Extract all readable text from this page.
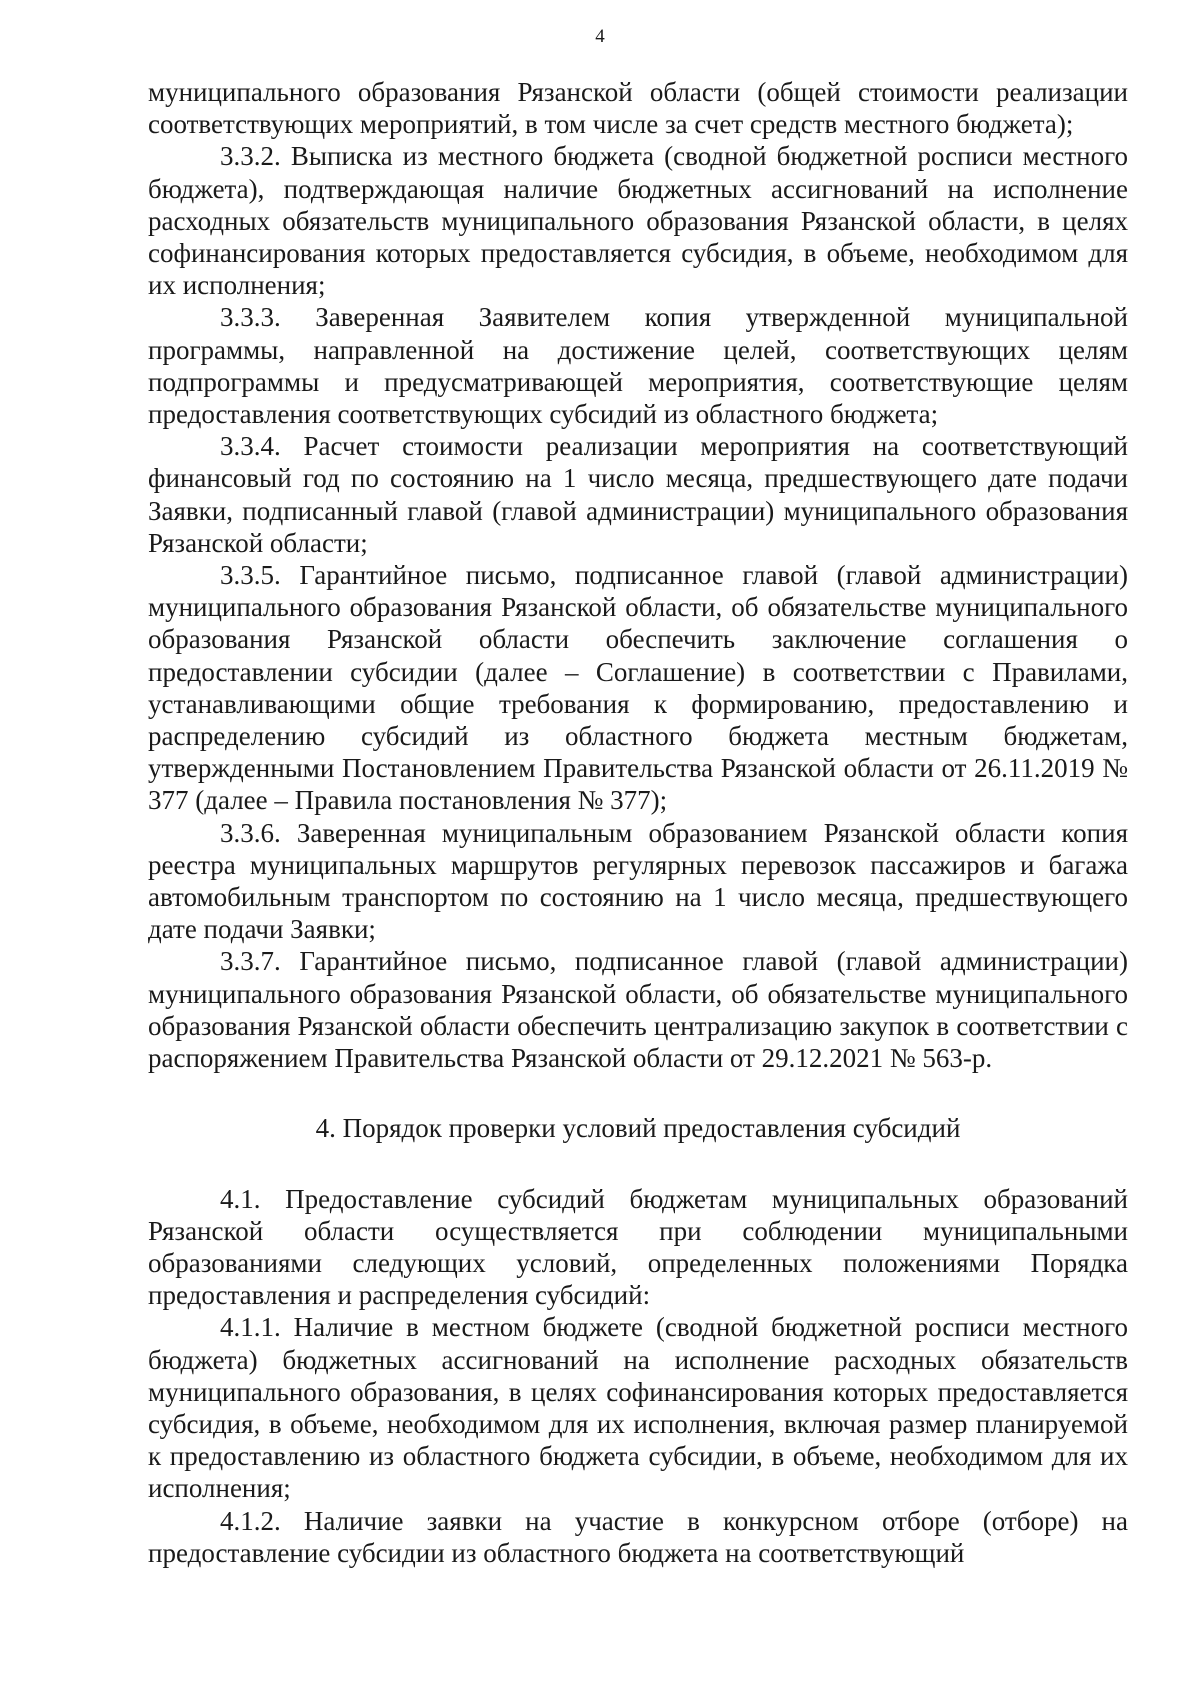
4

муниципального образования Рязанской области (общей стоимости реализации соответствующих мероприятий, в том числе за счет средств местного бюджета);

3.3.2. Выписка из местного бюджета (сводной бюджетной росписи местного бюджета), подтверждающая наличие бюджетных ассигнований на исполнение расходных обязательств муниципального образования Рязанской области, в целях софинансирования которых предоставляется субсидия, в объеме, необходимом для их исполнения;

3.3.3. Заверенная Заявителем копия утвержденной муниципальной программы, направленной на достижение целей, соответствующих целям подпрограммы и предусматривающей мероприятия, соответствующие целям предоставления соответствующих субсидий из областного бюджета;

3.3.4. Расчет стоимости реализации мероприятия на соответствующий финансовый год по состоянию на 1 число месяца, предшествующего дате подачи Заявки, подписанный главой (главой администрации) муниципального образования Рязанской области;

3.3.5. Гарантийное письмо, подписанное главой (главой администрации) муниципального образования Рязанской области, об обязательстве муниципального образования Рязанской области обеспечить заключение соглашения о предоставлении субсидии (далее – Соглашение) в соответствии с Правилами, устанавливающими общие требования к формированию, предоставлению и распределению субсидий из областного бюджета местным бюджетам, утвержденными Постановлением Правительства Рязанской области от 26.11.2019 № 377 (далее – Правила постановления № 377);

3.3.6. Заверенная муниципальным образованием Рязанской области копия реестра муниципальных маршрутов регулярных перевозок пассажиров и багажа автомобильным транспортом по состоянию на 1 число месяца, предшествующего дате подачи Заявки;

3.3.7. Гарантийное письмо, подписанное главой (главой администрации) муниципального образования Рязанской области, об обязательстве муниципального образования Рязанской области обеспечить централизацию закупок в соответствии с распоряжением Правительства Рязанской области от 29.12.2021 № 563-р.

4. Порядок проверки условий предоставления субсидий

4.1. Предоставление субсидий бюджетам муниципальных образований Рязанской области осуществляется при соблюдении муниципальными образованиями следующих условий, определенных положениями Порядка предоставления и распределения субсидий:

4.1.1. Наличие в местном бюджете (сводной бюджетной росписи местного бюджета) бюджетных ассигнований на исполнение расходных обязательств муниципального образования, в целях софинансирования которых предоставляется субсидия, в объеме, необходимом для их исполнения, включая размер планируемой к предоставлению из областного бюджета субсидии, в объеме, необходимом для их исполнения;

4.1.2. Наличие заявки на участие в конкурсном отборе (отборе) на предоставление субсидии из областного бюджета на соответствующий
